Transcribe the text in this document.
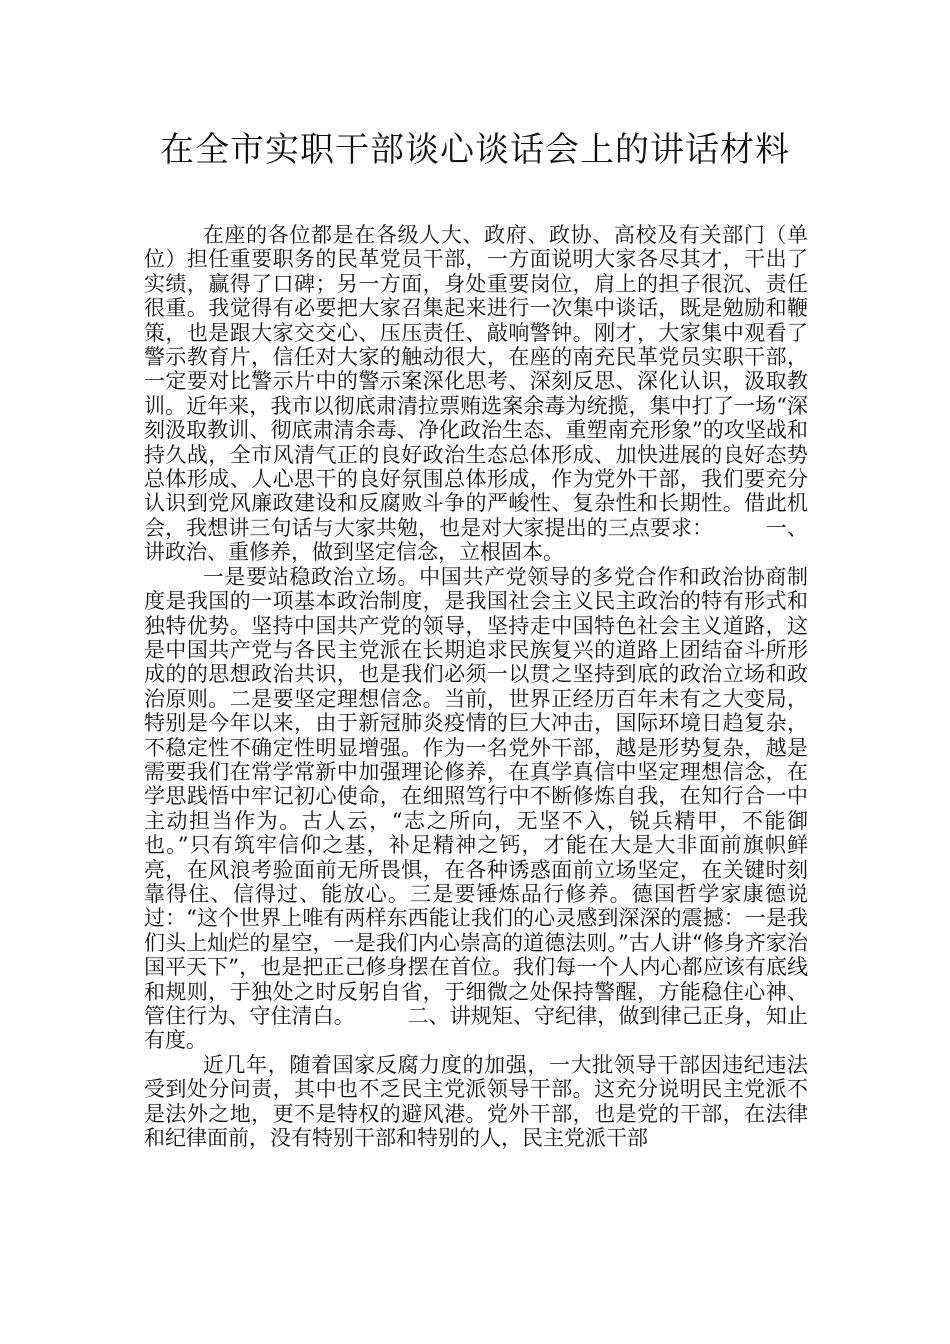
在全市实职干部谈心谈话会上的讲话材料

在座的各位都是在各级人大、政府、政协、高校及有关部门（单位）担任重要职务的民革党员干部，一方面说明大家各尽其才，干出了实绩，赢得了口碑；另一方面，身处重要岗位，肩上的担子很沉、责任很重。我觉得有必要把大家召集起来进行一次集中谈话，既是勉励和鞭策，也是跟大家交交心、压压责任、敲响警钟。刚才，大家集中观看了警示教育片，信任对大家的触动很大，在座的南充民革党员实职干部，一定要对比警示片中的警示案深化思考、深刻反思、深化认识，汲取教训。近年来，我市以彻底肃清拉票贿选案余毒为统揽，集中打了一场“深刻汲取教训、彻底肃清余毒、净化政治生态、重塑南充形象”的攻坚战和持久战，全市风清气正的良好政治生态总体形成、加快进展的良好态势总体形成、人心思干的良好氛围总体形成，作为党外干部，我们要充分认识到党风廉政建设和反腐败斗争的严峻性、复杂性和长期性。借此机会，我想讲三句话与大家共勉，也是对大家提出的三点要求：　　　一、讲政治、重修养，做到坚定信念，立根固本。

一是要站稳政治立场。中国共产党领导的多党合作和政治协商制度是我国的一项基本政治制度，是我国社会主义民主政治的特有形式和独特优势。坚持中国共产党的领导，坚持走中国特色社会主义道路，这是中国共产党与各民主党派在长期追求民族复兴的道路上团结奋斗所形成的的思想政治共识，也是我们必须一以贯之坚持到底的政治立场和政治原则。二是要坚定理想信念。当前，世界正经历百年未有之大变局，特别是今年以来，由于新冠肺炎疫情的巨大冲击，国际环境日趋复杂，不稳定性不确定性明显增强。作为一名党外干部，越是形势复杂，越是需要我们在常学常新中加强理论修养，在真学真信中坚定理想信念，在学思践悟中牢记初心使命，在细照笃行中不断修炼自我，在知行合一中主动担当作为。古人云，“志之所向，无坚不入，锐兵精甲，不能御也。”只有筑牢信仰之基，补足精神之钙，才能在大是大非面前旗帜鲜亮，在风浪考验面前无所畏惧，在各种诱惑面前立场坚定，在关键时刻靠得住、信得过、能放心。三是要锤炼品行修养。德国哲学家康德说过：“这个世界上唯有两样东西能让我们的心灵感到深深的震撼：一是我们头上灿烂的星空，一是我们内心崇高的道德法则。”古人讲“修身齐家治国平天下”，也是把正己修身摆在首位。我们每一个人内心都应该有底线和规则，于独处之时反躬自省，于细微之处保持警醒，方能稳住心神、管住行为、守住清白。　　　二、讲规矩、守纪律，做到律己正身，知止有度。

近几年，随着国家反腐力度的加强，一大批领导干部因违纪违法受到处分问责，其中也不乏民主党派领导干部。这充分说明民主党派不是法外之地，更不是特权的避风港。党外干部，也是党的干部，在法律和纪律面前，没有特别干部和特别的人，民主党派干部
